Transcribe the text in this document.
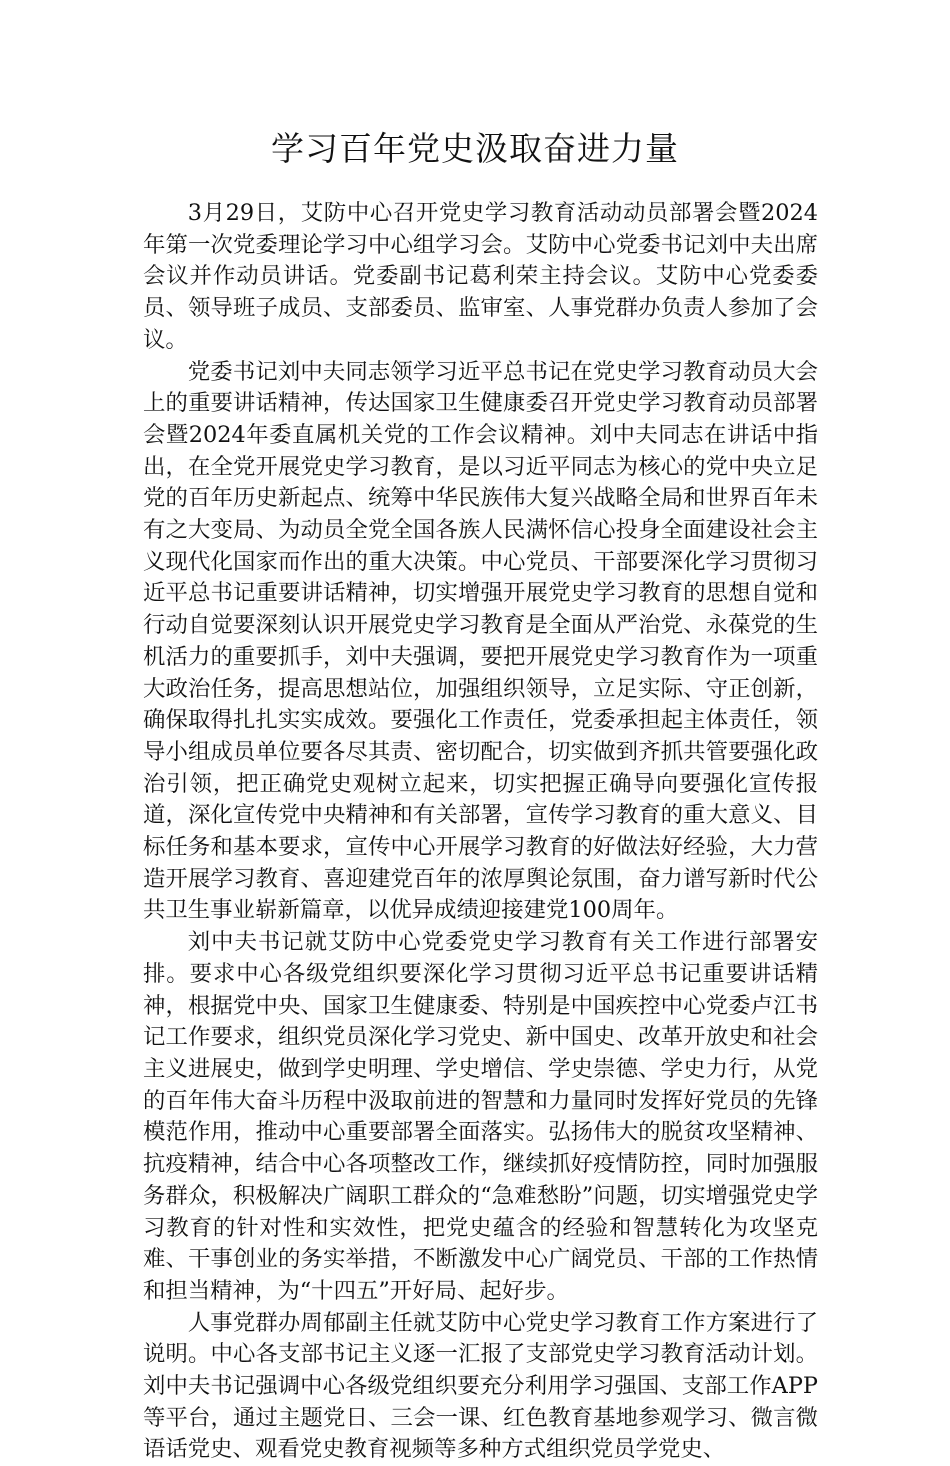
学习百年党史汲取奋进力量

3月29日，艾防中心召开党史学习教育活动动员部署会暨2024年第一次党委理论学习中心组学习会。艾防中心党委书记刘中夫出席会议并作动员讲话。党委副书记葛利荣主持会议。艾防中心党委委员、领导班子成员、支部委员、监审室、人事党群办负责人参加了会议。

党委书记刘中夫同志领学习近平总书记在党史学习教育动员大会上的重要讲话精神，传达国家卫生健康委召开党史学习教育动员部署会暨2024年委直属机关党的工作会议精神。刘中夫同志在讲话中指出，在全党开展党史学习教育，是以习近平同志为核心的党中央立足党的百年历史新起点、统筹中华民族伟大复兴战略全局和世界百年未有之大变局、为动员全党全国各族人民满怀信心投身全面建设社会主义现代化国家而作出的重大决策。中心党员、干部要深化学习贯彻习近平总书记重要讲话精神，切实增强开展党史学习教育的思想自觉和行动自觉要深刻认识开展党史学习教育是全面从严治党、永葆党的生机活力的重要抓手，刘中夫强调，要把开展党史学习教育作为一项重大政治任务，提高思想站位，加强组织领导，立足实际、守正创新，确保取得扎扎实实成效。要强化工作责任，党委承担起主体责任，领导小组成员单位要各尽其责、密切配合，切实做到齐抓共管要强化政治引领，把正确党史观树立起来，切实把握正确导向要强化宣传报道，深化宣传党中央精神和有关部署，宣传学习教育的重大意义、目标任务和基本要求，宣传中心开展学习教育的好做法好经验，大力营造开展学习教育、喜迎建党百年的浓厚舆论氛围，奋力谱写新时代公共卫生事业崭新篇章，以优异成绩迎接建党100周年。

刘中夫书记就艾防中心党委党史学习教育有关工作进行部署安排。要求中心各级党组织要深化学习贯彻习近平总书记重要讲话精神，根据党中央、国家卫生健康委、特别是中国疾控中心党委卢江书记工作要求，组织党员深化学习党史、新中国史、改革开放史和社会主义进展史，做到学史明理、学史增信、学史崇德、学史力行，从党的百年伟大奋斗历程中汲取前进的智慧和力量同时发挥好党员的先锋模范作用，推动中心重要部署全面落实。弘扬伟大的脱贫攻坚精神、抗疫精神，结合中心各项整改工作，继续抓好疫情防控，同时加强服务群众，积极解决广阔职工群众的“急难愁盼”问题，切实增强党史学习教育的针对性和实效性，把党史蕴含的经验和智慧转化为攻坚克难、干事创业的务实举措，不断激发中心广阔党员、干部的工作热情和担当精神，为“十四五”开好局、起好步。

人事党群办周郁副主任就艾防中心党史学习教育工作方案进行了说明。中心各支部书记主义逐一汇报了支部党史学习教育活动计划。刘中夫书记强调中心各级党组织要充分利用学习强国、支部工作APP等平台，通过主题党日、三会一课、红色教育基地参观学习、微言微语话党史、观看党史教育视频等多种方式组织党员学党史、
